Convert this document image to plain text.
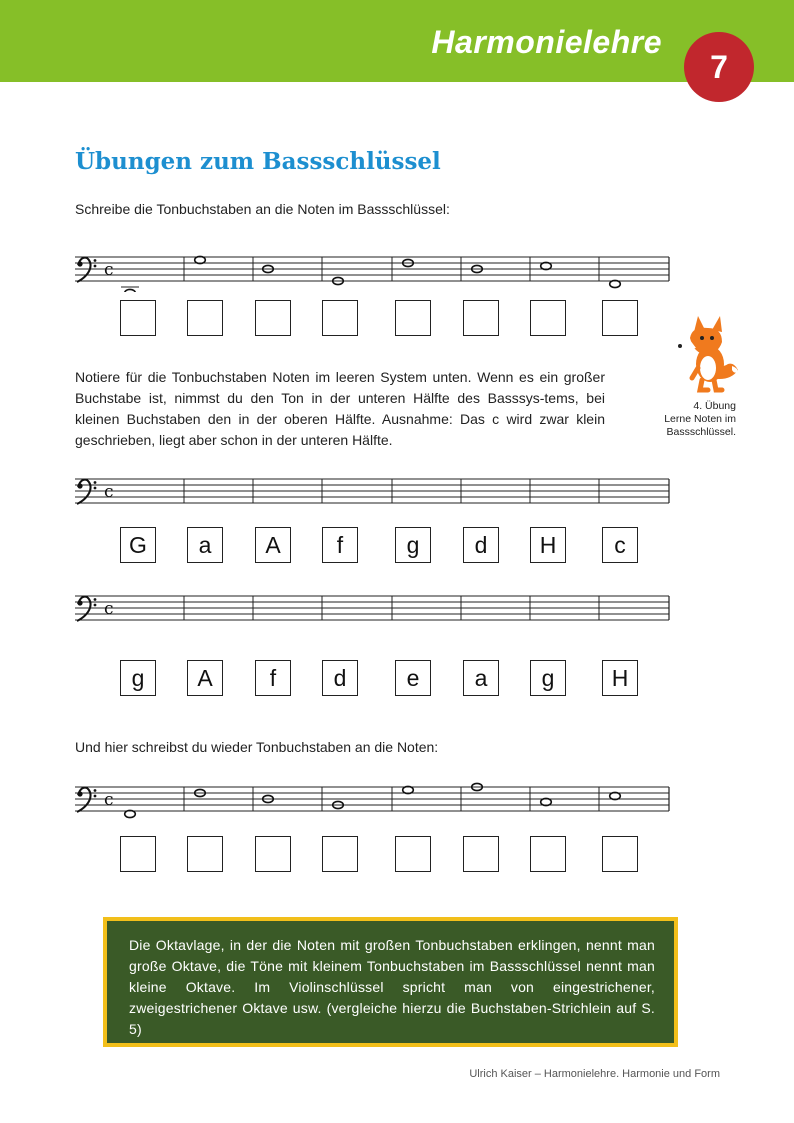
Harmonielehre
7
Übungen zum Bassschlüssel
Schreibe die Tonbuchstaben an die Noten im Bassschlüssel:
c
Notiere für die Tonbuchstaben Noten im leeren System unten. Wenn es ein großer Buchstabe ist, nimmst du den Ton in der unteren Hälfte des Basssys-tems, bei kleinen Buchstaben den in der oberen Hälfte. Ausnahme: Das c wird zwar klein geschrieben, liegt aber schon in der unteren Hälfte.
4. Übung
Lerne Noten im
Bassschlüssel.
c
G	a	A	f	g	d	H	c
c
g	A	f	d	e	a	g	H
Und hier schreibst du wieder Tonbuchstaben an die Noten:
c
Die Oktavlage, in der die Noten mit großen Tonbuchstaben erklingen, nennt man große Oktave, die Töne mit kleinem Tonbuchstaben im Bassschlüssel nennt man kleine Oktave. Im Violinschlüssel spricht man von eingestrichener, zweigestrichener Oktave usw. (vergleiche hierzu die Buchstaben-Strichlein auf S. 5)
Ulrich Kaiser – Harmonielehre. Harmonie und Form
